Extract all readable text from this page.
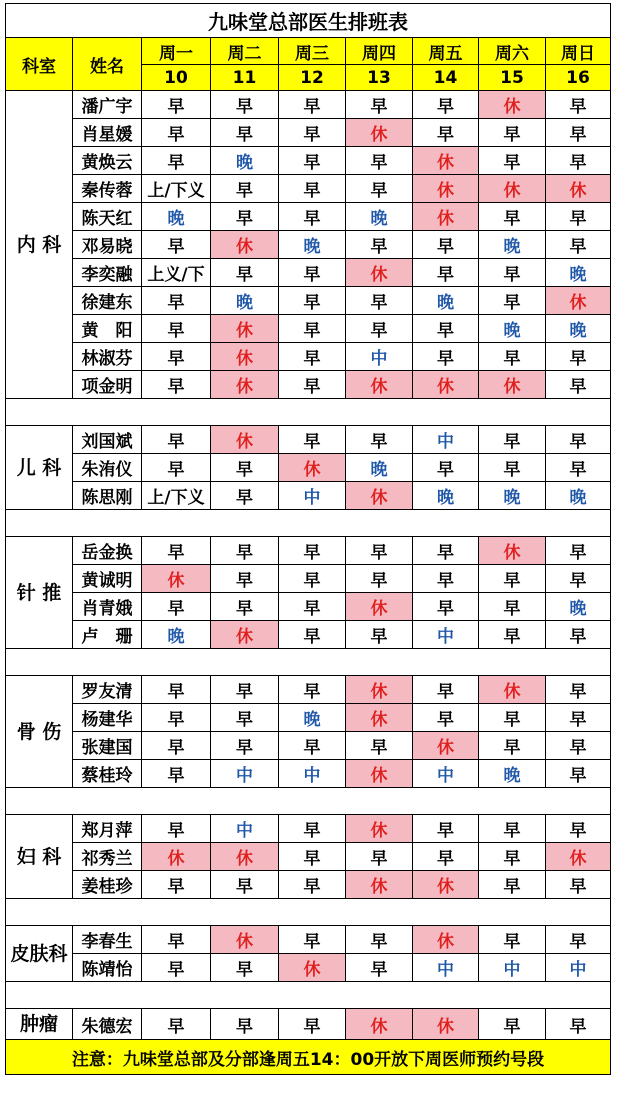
九味堂总部医生排班表								
科室	姓名	周一	周二	周三	周四	周五	周六	周日
		10	11	12	13	14	15	16
内 科	潘广宇	早	早	早	早	早	休	早
	肖星媛	早	早	早	休	早	早	早
	黄焕云	早	晚	早	早	休	早	早
	秦传蓉	上/下义	早	早	早	休	休	休
	陈天红	晚	早	早	晚	休	早	早
	邓易晓	早	休	晚	早	早	晚	早
	李奕融	上义/下	早	早	休	早	早	晚
	徐建东	早	晚	早	早	晚	早	休
	黄　阳	早	休	早	早	早	晚	晚
	林淑芬	早	休	早	中	早	早	早
	项金明	早	休	早	休	休	休	早

儿 科	刘国斌	早	休	早	早	中	早	早
	朱洧仪	早	早	休	晚	早	早	早
	陈思刚	上/下义	早	中	休	晚	晚	晚

针 推	岳金换	早	早	早	早	早	休	早
	黄诚明	休	早	早	早	早	早	早
	肖青娥	早	早	早	休	早	早	晚
	卢　珊	晚	休	早	早	中	早	早

骨 伤	罗友清	早	早	早	休	早	休	早
	杨建华	早	早	晚	休	早	早	早
	张建国	早	早	早	早	休	早	早
	蔡桂玲	早	中	中	休	中	晚	早

妇 科	郑月萍	早	中	早	休	早	早	早
	祁秀兰	休	休	早	早	早	早	休
	姜桂珍	早	早	早	休	休	早	早

皮肤科	李春生	早	休	早	早	休	早	早
	陈靖怡	早	早	休	早	中	中	中

肿瘤	朱德宏	早	早	早	休	休	早	早
注意：九味堂总部及分部逢周五14：00开放下周医师预约号段								
